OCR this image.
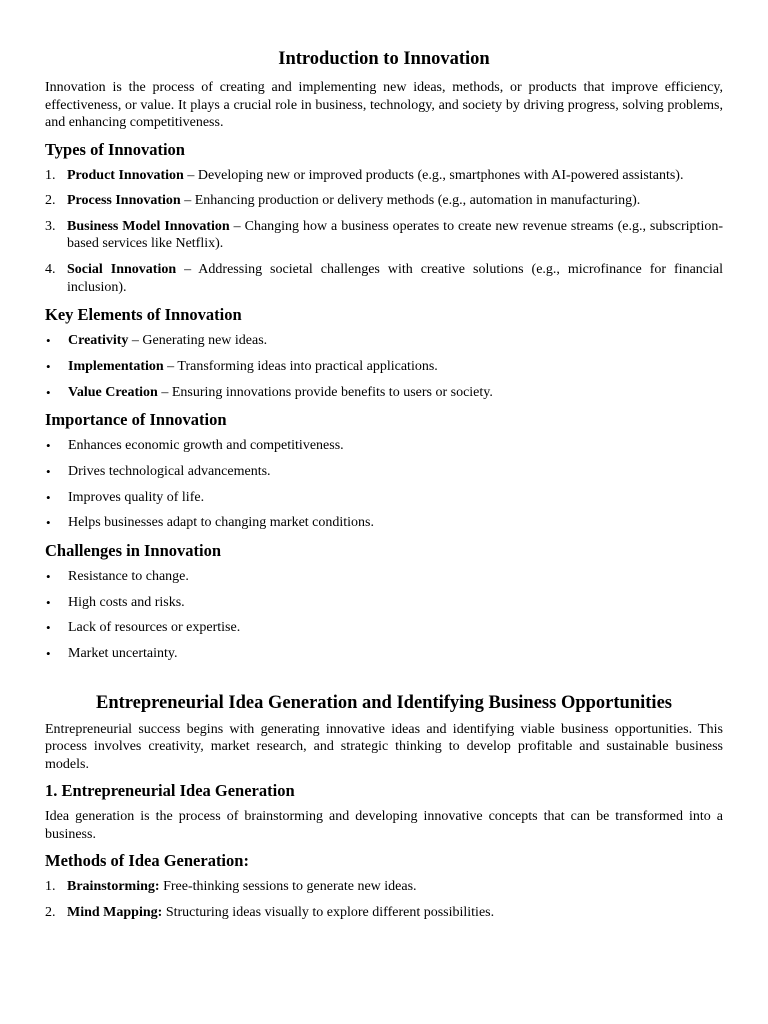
Introduction to Innovation

Innovation is the process of creating and implementing new ideas, methods, or products that improve efficiency, effectiveness, or value. It plays a crucial role in business, technology, and society by driving progress, solving problems, and enhancing competitiveness.

Types of Innovation
1. Product Innovation – Developing new or improved products (e.g., smartphones with AI-powered assistants).
2. Process Innovation – Enhancing production or delivery methods (e.g., automation in manufacturing).
3. Business Model Innovation – Changing how a business operates to create new revenue streams (e.g., subscription-based services like Netflix).
4. Social Innovation – Addressing societal challenges with creative solutions (e.g., microfinance for financial inclusion).
Key Elements of Innovation
•	Creativity – Generating new ideas.
•	Implementation – Transforming ideas into practical applications.
•	Value Creation – Ensuring innovations provide benefits to users or society.
Importance of Innovation
•	Enhances economic growth and competitiveness.
•	Drives technological advancements.
•	Improves quality of life.
•	Helps businesses adapt to changing market conditions.
Challenges in Innovation
•	Resistance to change.
•	High costs and risks.
•	Lack of resources or expertise.
•	Market uncertainty.
Entrepreneurial Idea Generation and Identifying Business Opportunities

Entrepreneurial success begins with generating innovative ideas and identifying viable business opportunities. This process involves creativity, market research, and strategic thinking to develop profitable and sustainable business models.

1. Entrepreneurial Idea Generation

Idea generation is the process of brainstorming and developing innovative concepts that can be transformed into a business.

Methods of Idea Generation:
1. Brainstorming: Free-thinking sessions to generate new ideas.
2. Mind Mapping: Structuring ideas visually to explore different possibilities.
